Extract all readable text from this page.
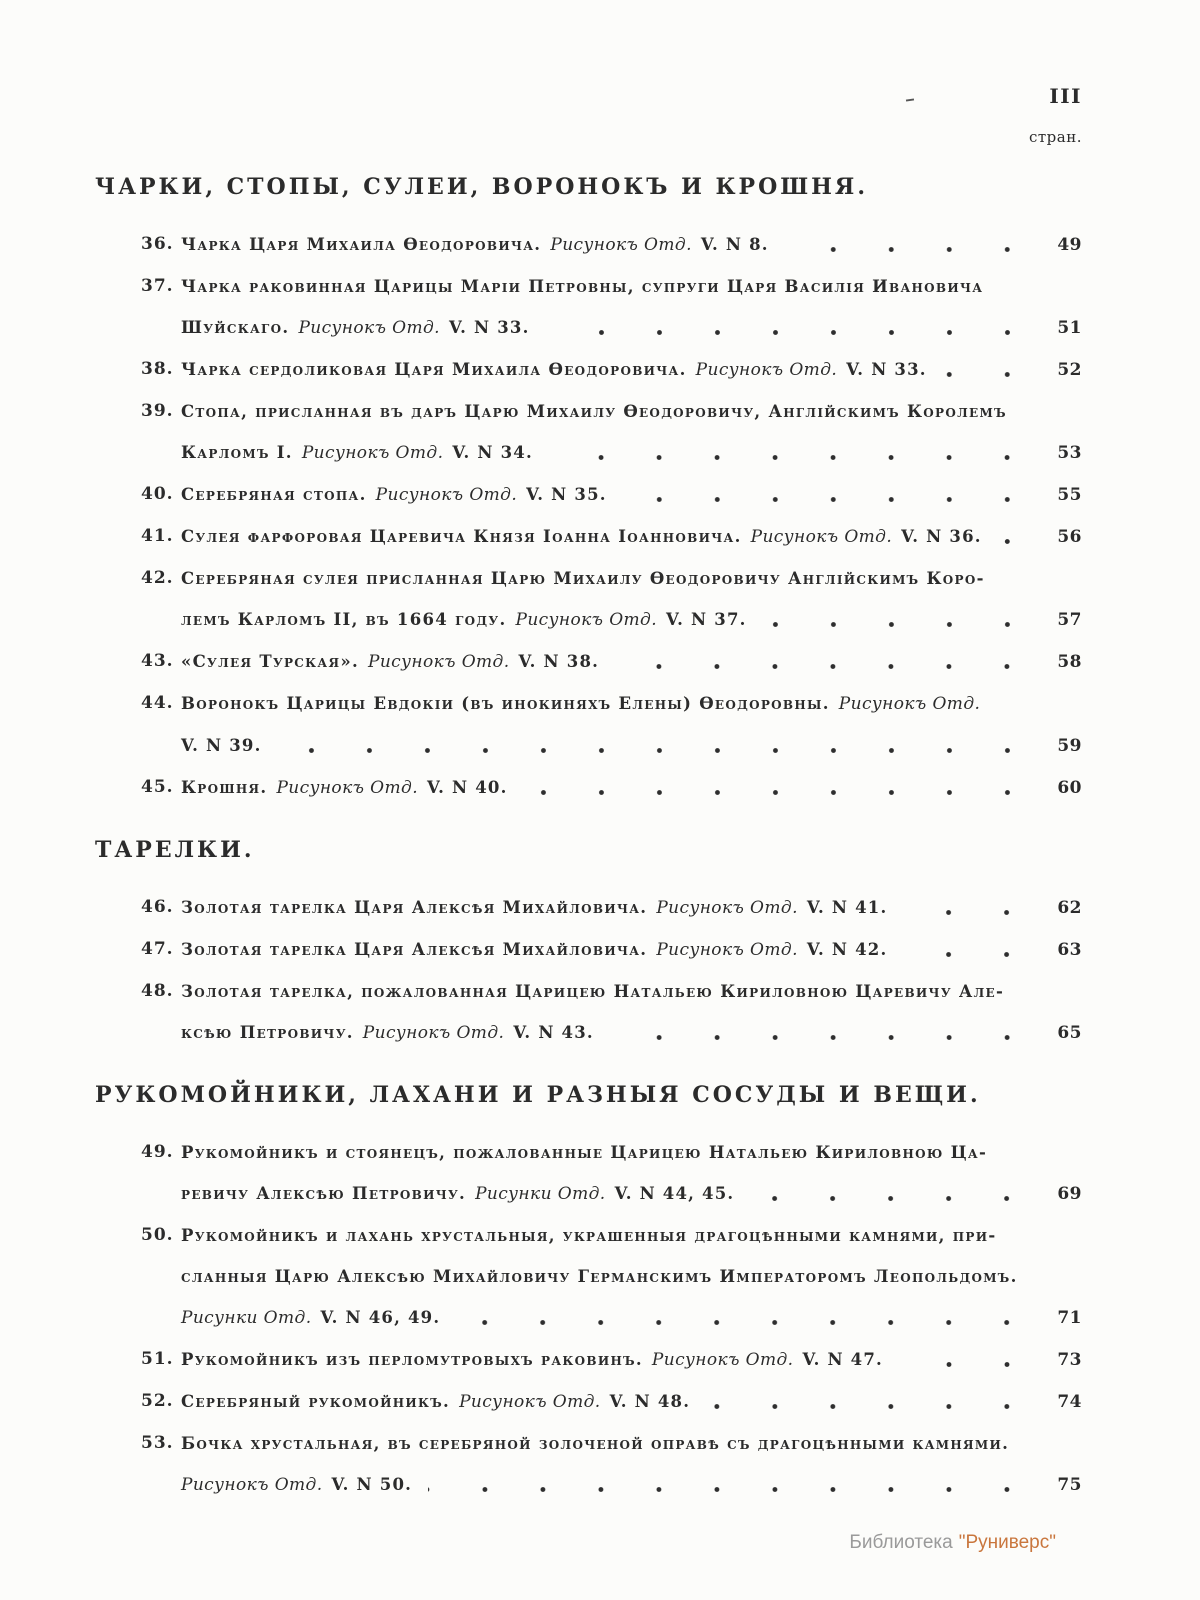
III
стран.
ЧАРКИ, СТОПЫ, СУЛЕИ, ВОРОНОКЪ И КРОШНЯ.
36. Чарка Царя Михаила Ѳеодоровича. Рисунокъ Отд. V. N 8.	49
37. Чарка раковинная Царицы Маріи Петровны, супруги Царя Василія Ивановича
Шуйскаго. Рисунокъ Отд. V. N 33.	51
38. Чарка сердоликовая Царя Михаила Ѳеодоровича. Рисунокъ Отд. V. N 33.	52
39. Стопа, присланная въ даръ Царю Михаилу Ѳеодоровичу, Англійскимъ Королемъ
Карломъ I. Рисунокъ Отд. V. N 34.	53
40. Серебряная стопа. Рисунокъ Отд. V. N 35.	55
41. Сулея фарфоровая Царевича Князя Іоанна Іоанновича. Рисунокъ Отд. V. N 36.	56
42. Серебряная сулея присланная Царю Михаилу Ѳеодоровичу Англійскимъ Коро-
лемъ Карломъ II, въ 1664 году. Рисунокъ Отд. V. N 37.	57
43. «Сулея Турская». Рисунокъ Отд. V. N 38.	58
44. Воронокъ Царицы Евдокіи (въ инокиняхъ Елены) Ѳеодоровны. Рисунокъ Отд.
V. N 39.	59
45. Крошня. Рисунокъ Отд. V. N 40.	60
ТАРЕЛКИ.
46. Золотая тарелка Царя Алексѣя Михайловича. Рисунокъ Отд. V. N 41.	62
47. Золотая тарелка Царя Алексѣя Михайловича. Рисунокъ Отд. V. N 42.	63
48. Золотая тарелка, пожалованная Царицею Натальею Кириловною Царевичу Але-
ксѣю Петровичу. Рисунокъ Отд. V. N 43.	65
РУКОМОЙНИКИ, ЛАХАНИ И РАЗНЫЯ СОСУДЫ И ВЕЩИ.
49. Рукомойникъ и стоянецъ, пожалованные Царицею Натальею Кириловною Ца-
ревичу Алексѣю Петровичу. Рисунки Отд. V. N 44, 45.	69
50. Рукомойникъ и лахань хрустальныя, украшенныя драгоцѣнными камнями, при-
сланныя Царю Алексѣю Михайловичу Германскимъ Императоромъ Леопольдомъ.
Рисунки Отд. V. N 46, 49.	71
51. Рукомойникъ изъ перломутровыхъ раковинъ. Рисунокъ Отд. V. N 47.	73
52. Серебряный рукомойникъ. Рисунокъ Отд. V. N 48.	74
53. Бочка хрустальная, въ серебряной золоченой оправѣ съ драгоцѣнными камнями.
Рисунокъ Отд. V. N 50.	75
Библиотека "Руниверс"
